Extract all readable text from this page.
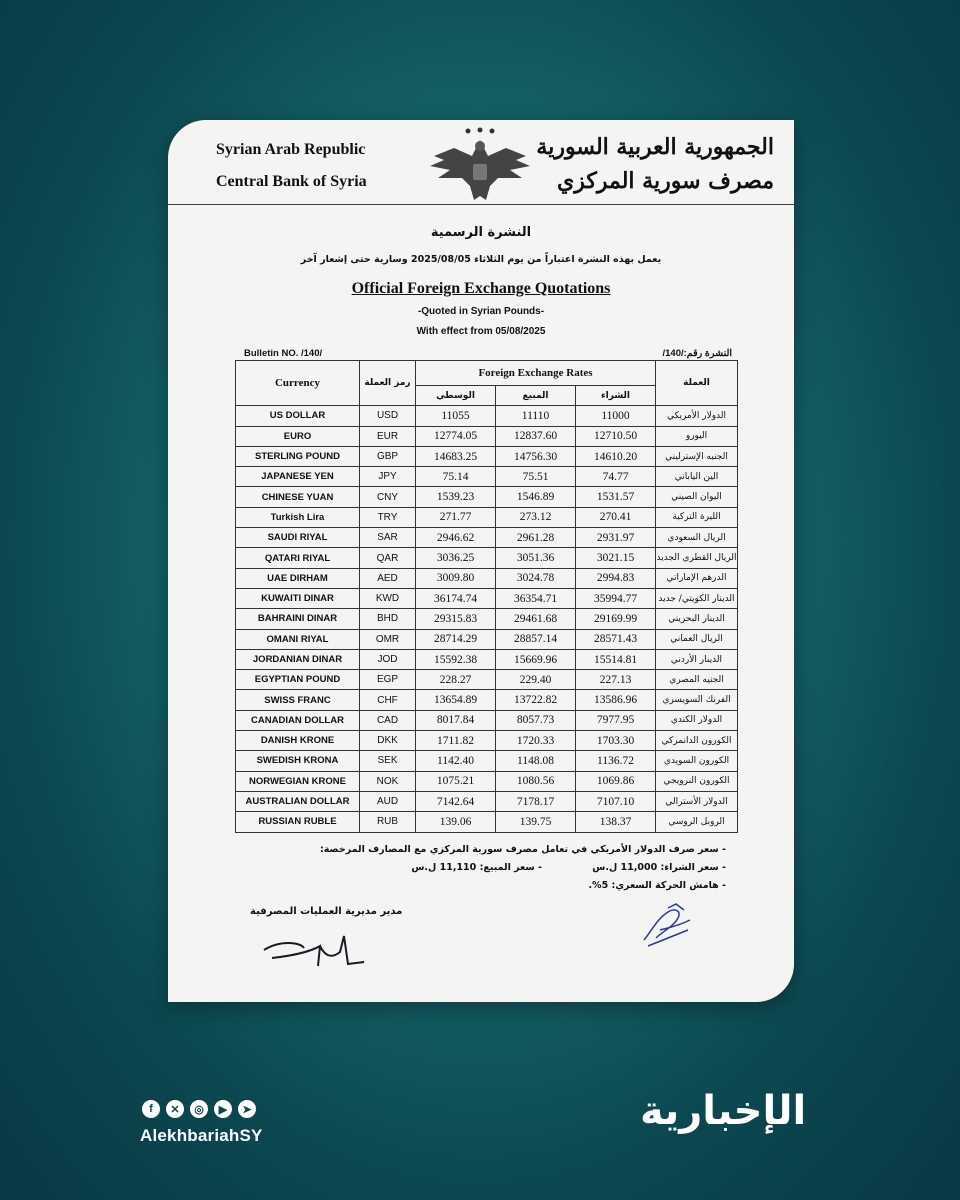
Syrian Arab Republic
Central Bank of Syria
الجمهورية العربية السورية
مصرف سورية المركزي
النشرة الرسمية
يعمل بهذه النشرة اعتباراً من يوم الثلاثاء 2025/08/05 وسارية حتى إشعار آخر
Official Foreign Exchange Quotations
-Quoted in Syrian Pounds-
With effect from 05/08/2025
Bulletin NO. /140/	النشرة رقم:/140/
Currency	رمز العملة	Foreign Exchange Rates			العملة
		الوسطي	المبيع	الشراء	
US DOLLAR	USD	11055	11110	11000	الدولار الأمريكي
EURO	EUR	12774.05	12837.60	12710.50	اليورو
STERLING POUND	GBP	14683.25	14756.30	14610.20	الجنيه الإسترليني
JAPANESE YEN	JPY	75.14	75.51	74.77	الين الياباني
CHINESE YUAN	CNY	1539.23	1546.89	1531.57	اليوان الصيني
Turkish Lira	TRY	271.77	273.12	270.41	الليرة التركية
SAUDI RIYAL	SAR	2946.62	2961.28	2931.97	الريال السعودي
QATARI RIYAL	QAR	3036.25	3051.36	3021.15	الريال القطري الجديد
UAE DIRHAM	AED	3009.80	3024.78	2994.83	الدرهم الإماراتي
KUWAITI DINAR	KWD	36174.74	36354.71	35994.77	الدينار الكويتي/ جديد
BAHRAINI DINAR	BHD	29315.83	29461.68	29169.99	الدينار البحريني
OMANI RIYAL	OMR	28714.29	28857.14	28571.43	الريال العماني
JORDANIAN DINAR	JOD	15592.38	15669.96	15514.81	الدينار الأردني
EGYPTIAN POUND	EGP	228.27	229.40	227.13	الجنيه المصري
SWISS FRANC	CHF	13654.89	13722.82	13586.96	الفرنك السويسري
CANADIAN DOLLAR	CAD	8017.84	8057.73	7977.95	الدولار الكندي
DANISH KRONE	DKK	1711.82	1720.33	1703.30	الكورون الدانمركي
SWEDISH KRONA	SEK	1142.40	1148.08	1136.72	الكورون السويدي
NORWEGIAN KRONE	NOK	1075.21	1080.56	1069.86	الكورون النرويجي
AUSTRALIAN DOLLAR	AUD	7142.64	7178.17	7107.10	الدولار الأسترالي
RUSSIAN RUBLE	RUB	139.06	139.75	138.37	الروبل الروسي
- سعر صرف الدولار الأمريكي في تعامل مصرف سورية المركزي مع المصارف المرخصة:
- سعر الشراء: 11,000 ل.س
- سعر المبيع: 11,110 ل.س
- هامش الحركة السعري: 5%.
مدير مديرية العمليات المصرفية
f	✕	◎	▶	➤
AlekhbariahSY
الإخبارية
